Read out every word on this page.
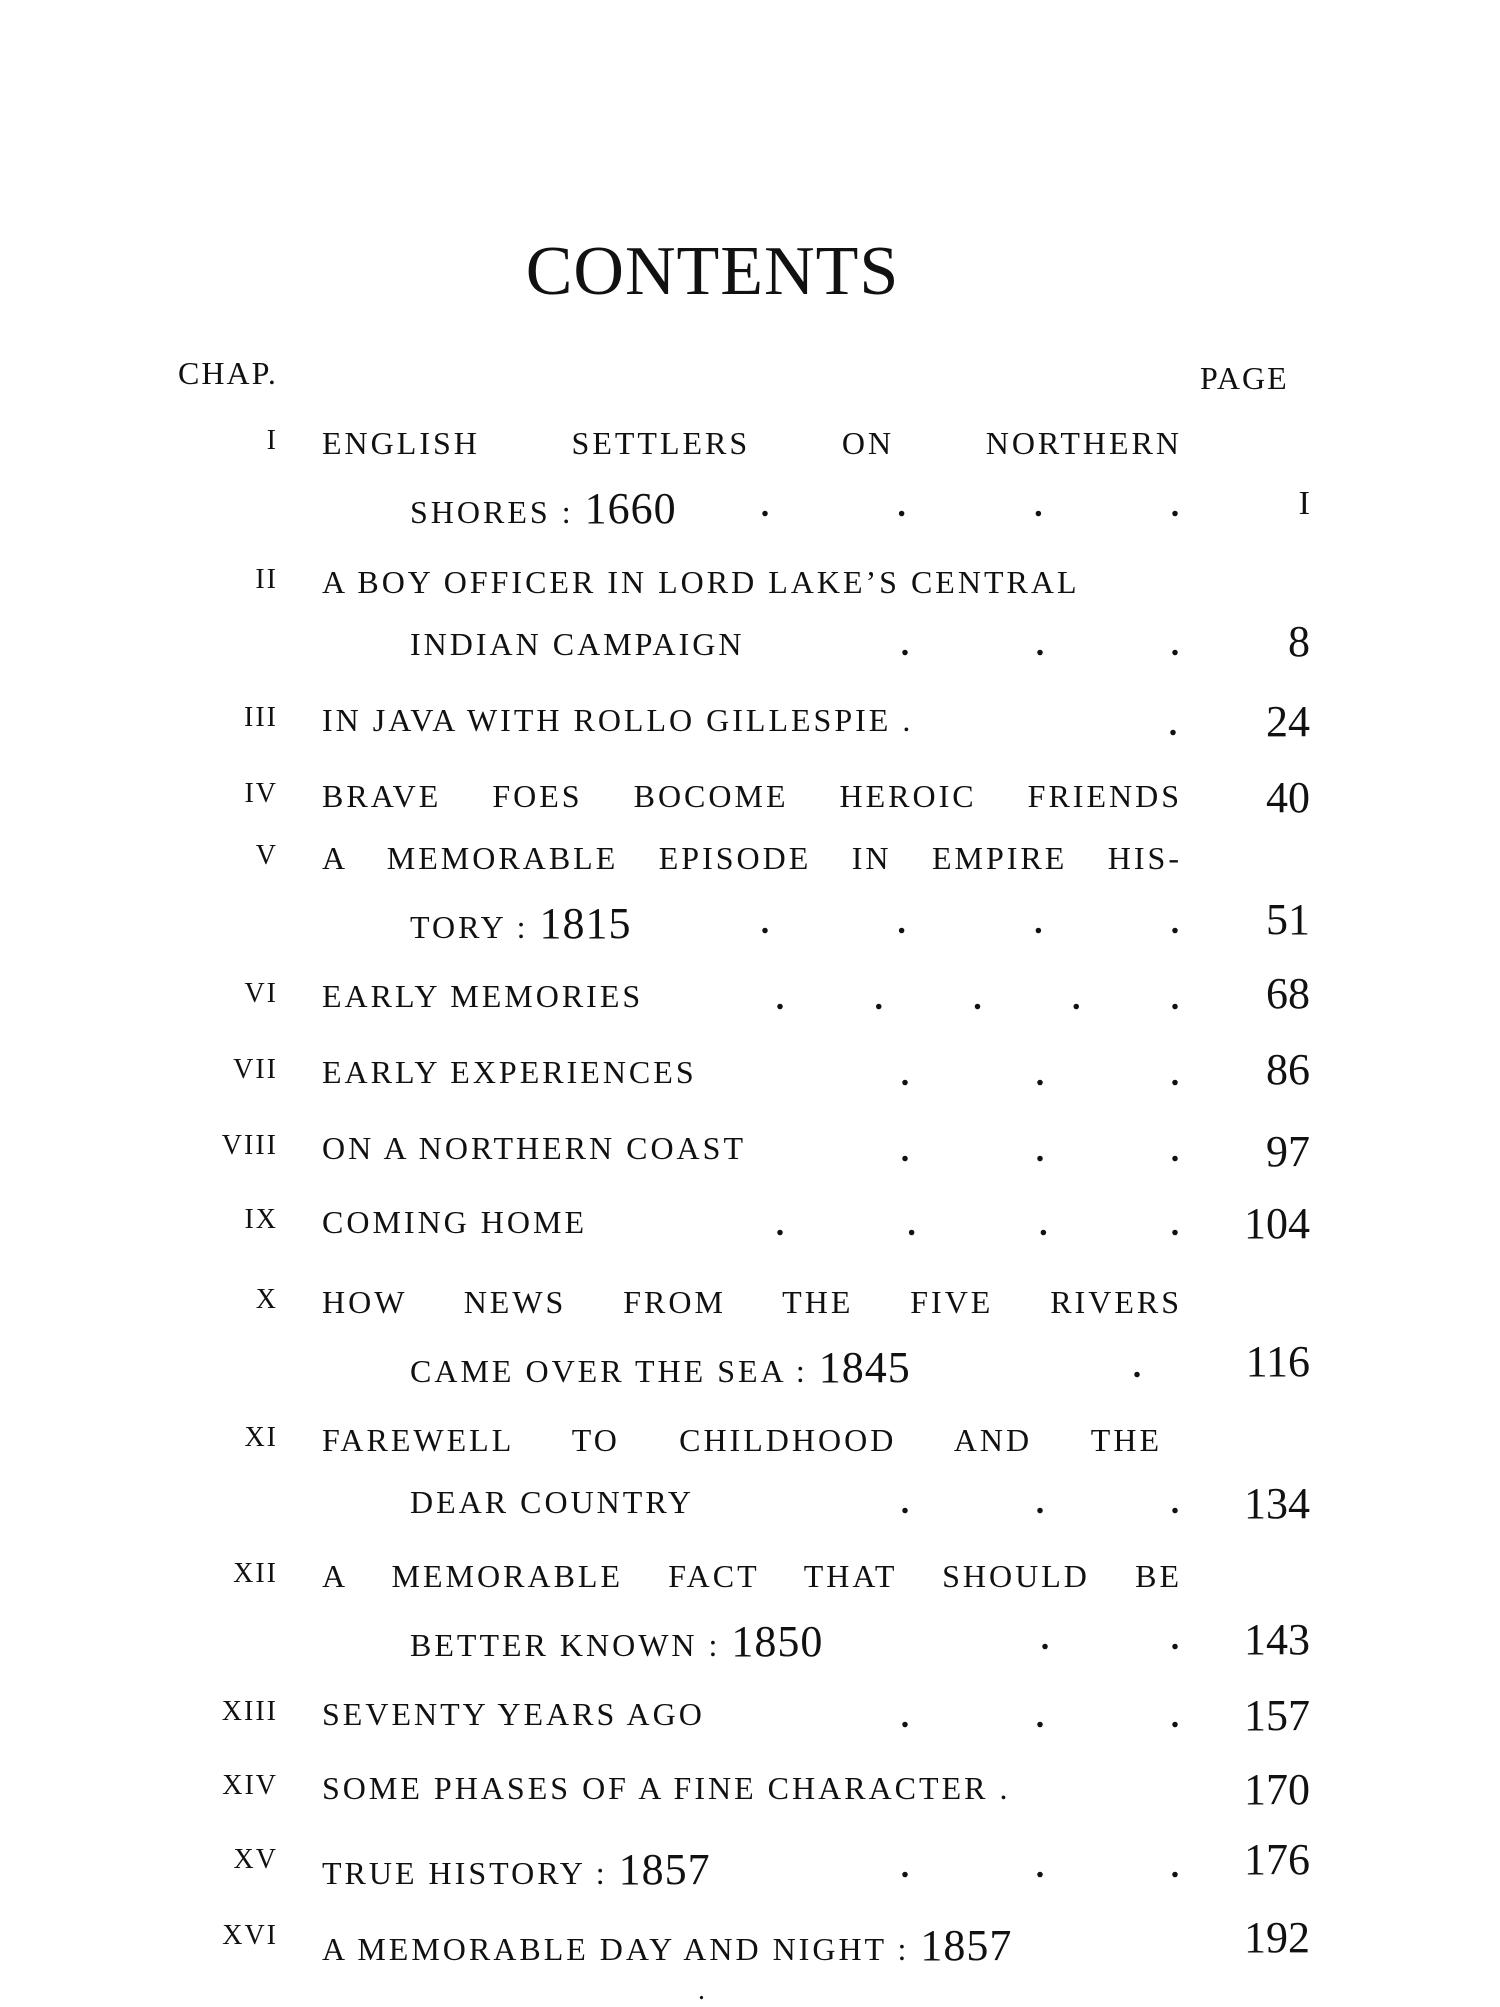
CONTENTS
CHAP.	PAGE
I ENGLISH SETTLERS ON NORTHERN
SHORES : 1660 .	.	.	.	I
II A BOY OFFICER IN LORD LAKE’S CENTRAL
INDIAN CAMPAIGN	.	.	. 8
III IN JAVA WITH ROLLO GILLESPIE .	. 24
IV BRAVE FOES BOCOME HEROIC FRIENDS 40
V A MEMORABLE EPISODE IN EMPIRE HIS-
TORY : 1815	.	.	.	. 51
VI EARLY MEMORIES	.	.	.	.	. 68
VII EARLY EXPERIENCES	.	.	. 86
VIII ON A NORTHERN COAST	.	.	. 97
IX COMING HOME	.	.	.	. 104
X HOW NEWS FROM THE FIVE RIVERS
CAME OVER THE SEA : 1845	. 116
XI FAREWELL TO CHILDHOOD AND THE
DEAR COUNTRY	.	.	. 134
XII A MEMORABLE FACT THAT SHOULD BE
BETTER KNOWN : 1850	.	. 143
XIII SEVENTY YEARS AGO	.	.	. 157
XIV SOME PHASES OF A FINE CHARACTER .	170
XV TRUE HISTORY : 1857	.	.	. 176
XVI A MEMORABLE DAY AND NIGHT : 1857	192
.
